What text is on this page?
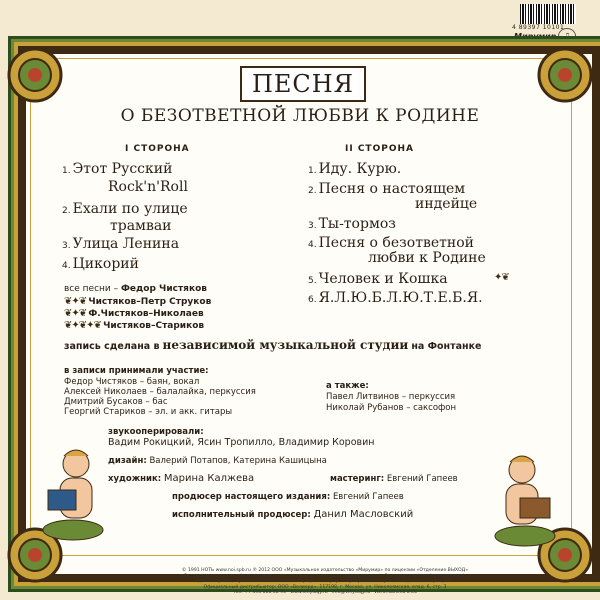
4 89397 10101
Мирумир	♫
ПЕСНЯ
О БЕЗОТВЕТНОЙ ЛЮБВИ К РОДИНЕ
I СТОРОНА	II СТОРОНА
1. Этот Русский
Rock'n'Roll
2. Ехали по улице
трамваи
3. Улица Ленина
4. Цикорий
1. Иду. Курю.
2. Песня о настоящем
индейце
3. Ты-тормоз
4. Песня о безответной
любви к Родине
5. Человек и Кошка
6. Я.Л.Ю.Б.Л.Ю.Т.Е.Б.Я.
✦❦
все песни – Федор Чистяков
❦✦❦ Чистяков–Петр Струков
❦✦❦ Ф.Чистяков–Николаев
❦✦❦✦❦ Чистяков–Стариков
запись сделана в независимой музыкальной студии на Фонтанке
в записи принимали участие:
Федор Чистяков – баян, вокал
Алексей Николаев – балалайка, перкуссия
Дмитрий Бусаков – бас
Георгий Стариков – эл. и акк. гитары
а также:
Павел Литвинов – перкуссия
Николай Рубанов – саксофон
звукооперировали:
Вадим Рокицкий, Ясин Тропилло, Владимир Коровин
дизайн: Валерий Потапов, Катерина Кашицына
художник: Марина Калжева	мастеринг: Евгений Гапеев
продюсер настоящего издания: Евгений Гапеев
исполнительный продюсер: Данил Масловский
© 1991 НОТЬ www.noi.spb.ru ℗ 2012 ООО «Музыкальное издательство «Мирумир» по лицензии «Отделение ВЫХОД»
Все права защищены. Фонограмма предназначена для частного прослушивания. Воспроизведение (копирование),
сдача в прокат, публичное исполнение и передача в эфир без разрешения правообладателя запрещены.
Официальный дистрибьютор: ООО «Велиорд», 117198, г. Москва, ул. Николоямская, влад. 6, стр. 3
тел. +7 495 668 08 95 · www.vinyloqy.ru · info@vinyloqy.ru · Изготовлено в ЕС
